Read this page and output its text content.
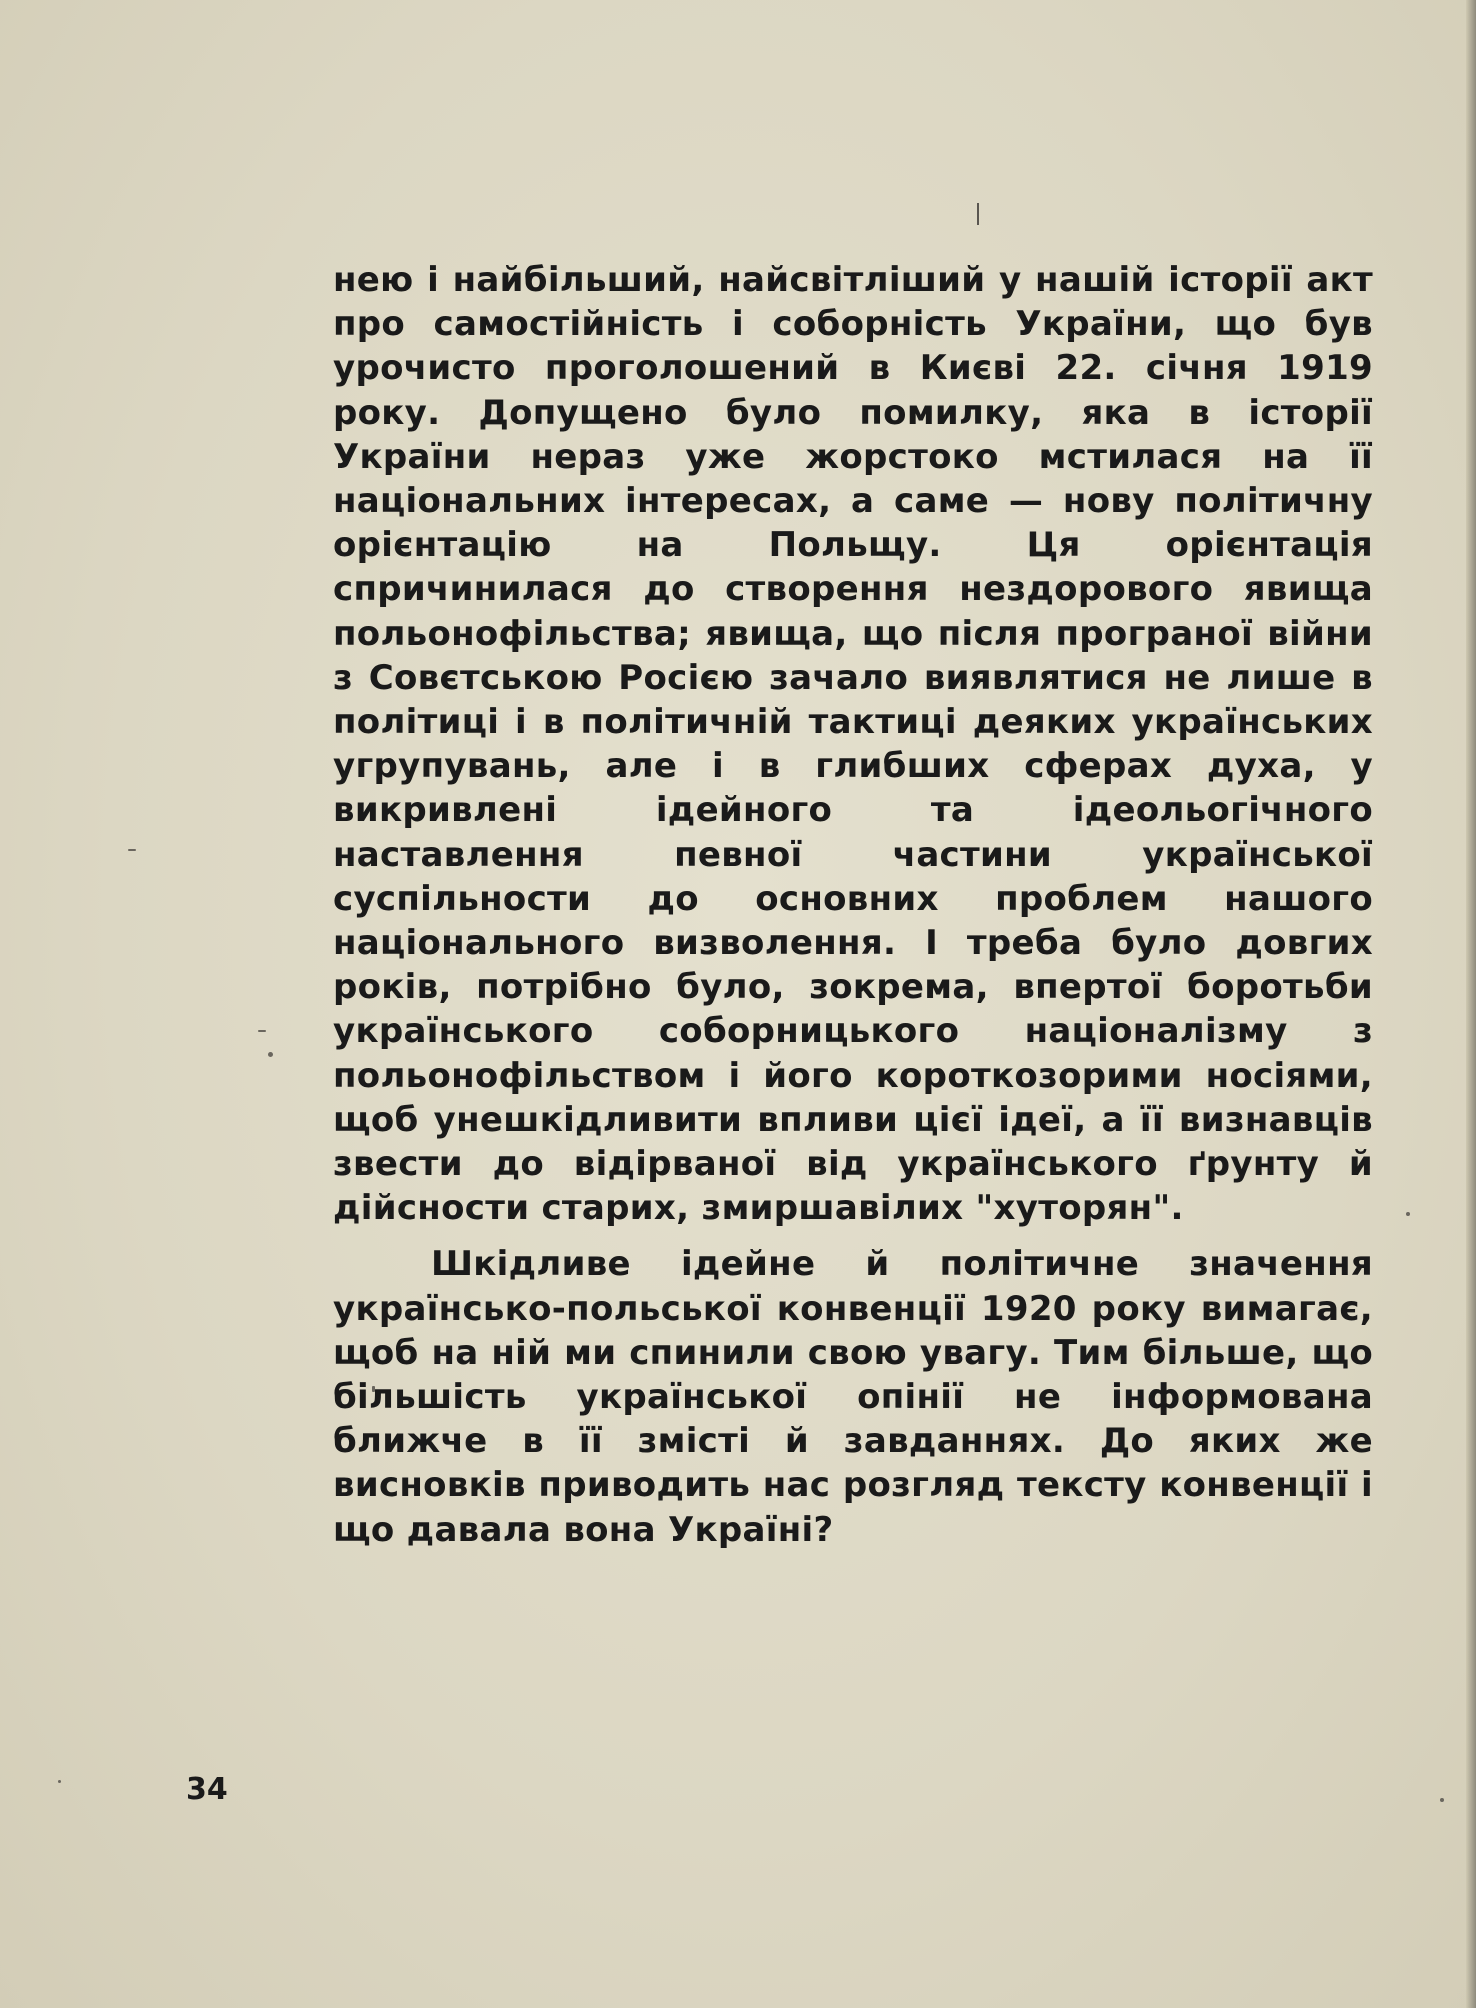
нею і найбільший, найсвітліший у нашій історії акт про самостійність і соборність України, що був урочисто проголошений в Києві 22. січня 1919 року. Допущено було помилку, яка в історії України нераз уже жорстоко мстилася на її національних інтересах, а саме — нову політичну орієнтацію на Польщу. Ця орієнтація спричинилася до створення нездорового явища польонофільства; явища, що після програної війни з Совєтською Росією зачало виявлятися не лише в політиці і в політичній тактиці деяких українських угрупувань, але і в глибших сферах духа, у викривлені ідейного та ідеольогічного наставлення певної частини української суспільности до основних проблем нашого національного визволення. І треба було довгих років, потрібно було, зокрема, впертої боротьби українського соборницького націоналізму з польонофільством і його короткозорими носіями, щоб унешкідливити впливи цієї ідеї, а її визнавців звести до відірваної від українського ґрунту й дійсности старих, змиршавілих "хуторян".

Шкідливе ідейне й політичне значення українсько-польської конвенції 1920 року вимагає, щоб на ній ми спинили свою увагу. Тим більше, що більшість української опінії не інформована ближче в її змісті й завданнях. До яких же висновків приводить нас розгляд тексту конвенції і що давала вона Україні?

34
